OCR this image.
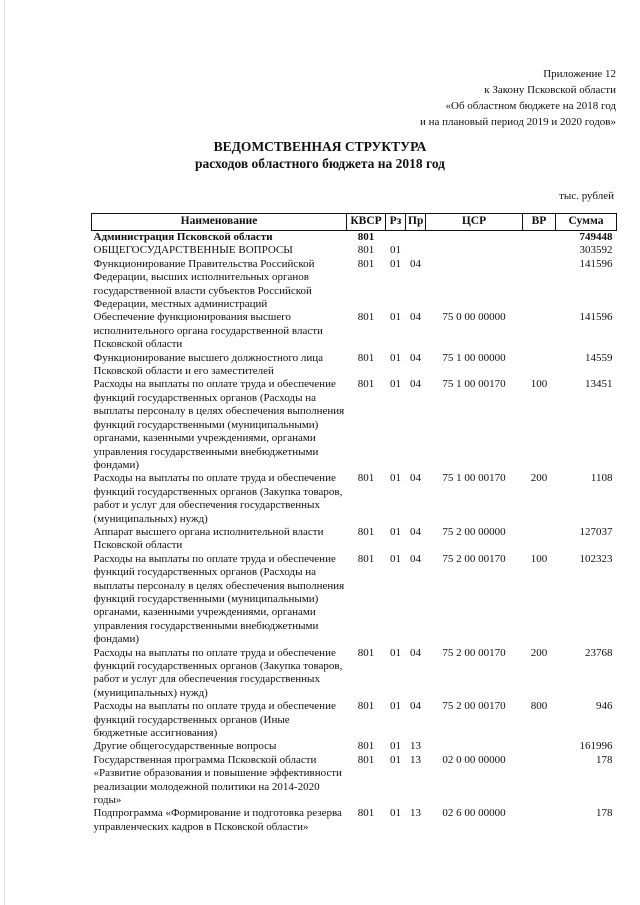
Приложение 12
к Закону Псковской области
«Об областном бюджете на 2018 год
и на плановый период 2019 и 2020 годов»
ВЕДОМСТВЕННАЯ СТРУКТУРА
расходов областного бюджета на 2018 год
тыс. рублей
Наименование	КВСР	Рз	Пр	ЦСР	ВР	Сумма
Администрация Псковской области	801					749448
ОБЩЕГОСУДАРСТВЕННЫЕ ВОПРОСЫ	801	01				303592
Функционирование Правительства Российской Федерации, высших исполнительных органов государственной власти субъектов Российской Федерации, местных администраций	801	01	04			141596
Обеспечение функционирования высшего исполнительного органа государственной власти Псковской области	801	01	04	75 0 00 00000		141596
Функционирование высшего должностного лица Псковской области и его заместителей	801	01	04	75 1 00 00000		14559
Расходы на выплаты по оплате труда и обеспечение функций государственных органов (Расходы на выплаты персоналу в целях обеспечения выполнения функций государственными (муниципальными) органами, казенными учреждениями, органами управления государственными внебюджетными фондами)	801	01	04	75 1 00 00170	100	13451
Расходы на выплаты по оплате труда и обеспечение функций государственных органов (Закупка товаров, работ и услуг для обеспечения государственных (муниципальных) нужд)	801	01	04	75 1 00 00170	200	1108
Аппарат высшего органа исполнительной власти Псковской области	801	01	04	75 2 00 00000		127037
Расходы на выплаты по оплате труда и обеспечение функций государственных органов (Расходы на выплаты персоналу в целях обеспечения выполнения функций государственными (муниципальными) органами, казенными учреждениями, органами управления государственными внебюджетными фондами)	801	01	04	75 2 00 00170	100	102323
Расходы на выплаты по оплате труда и обеспечение функций государственных органов (Закупка товаров, работ и услуг для обеспечения государственных (муниципальных) нужд)	801	01	04	75 2 00 00170	200	23768
Расходы на выплаты по оплате труда и обеспечение функций государственных органов (Иные бюджетные ассигнования)	801	01	04	75 2 00 00170	800	946
Другие общегосударственные вопросы	801	01	13			161996
Государственная программа Псковской области «Развитие образования и повышение эффективности реализации молодежной политики на 2014-2020 годы»	801	01	13	02 0 00 00000		178
Подпрограмма «Формирование и подготовка резерва управленческих кадров в Псковской области»	801	01	13	02 6 00 00000		178
